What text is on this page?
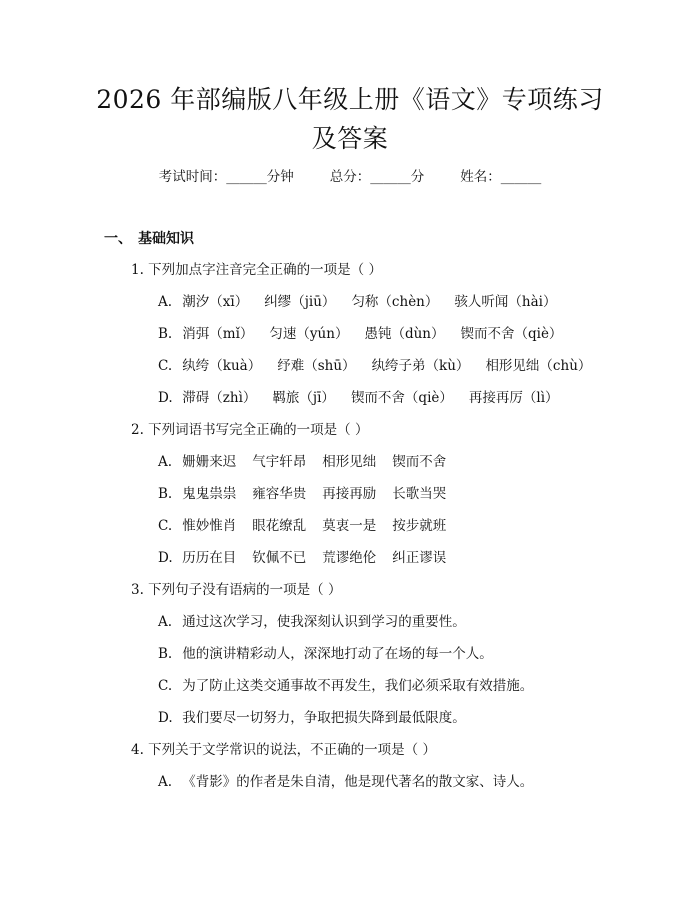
2026 年部编版八年级上册《语文》专项练习
及答案
考试时间：______分钟	总分：______分	姓名：______
一、 基础知识
1. 下列加点字注音完全正确的一项是（ ）
A. 潮汐（xī） 纠缪（jiū） 匀称（chèn） 骇人听闻（hài）
B. 消弭（mǐ） 匀速（yún） 愚钝（dùn） 锲而不舍（qiè）
C. 纨绔（kuà） 纾难（shū） 纨绔子弟（kù） 相形见绌（chù）
D. 滞碍（zhì） 羁旅（jī） 锲而不舍（qiè） 再接再厉（lì）
2. 下列词语书写完全正确的一项是（ ）
A. 姗姗来迟 气宇轩昂 相形见绌 锲而不舍
B. 鬼鬼祟祟 雍容华贵 再接再励 长歌当哭
C. 惟妙惟肖 眼花缭乱 莫衷一是 按步就班
D. 历历在目 钦佩不已 荒谬绝伦 纠正谬误
3. 下列句子没有语病的一项是（ ）
A. 通过这次学习，使我深刻认识到学习的重要性。
B. 他的演讲精彩动人，深深地打动了在场的每一个人。
C. 为了防止这类交通事故不再发生，我们必须采取有效措施。
D. 我们要尽一切努力，争取把损失降到最低限度。
4. 下列关于文学常识的说法，不正确的一项是（ ）
A. 《背影》的作者是朱自清，他是现代著名的散文家、诗人。
